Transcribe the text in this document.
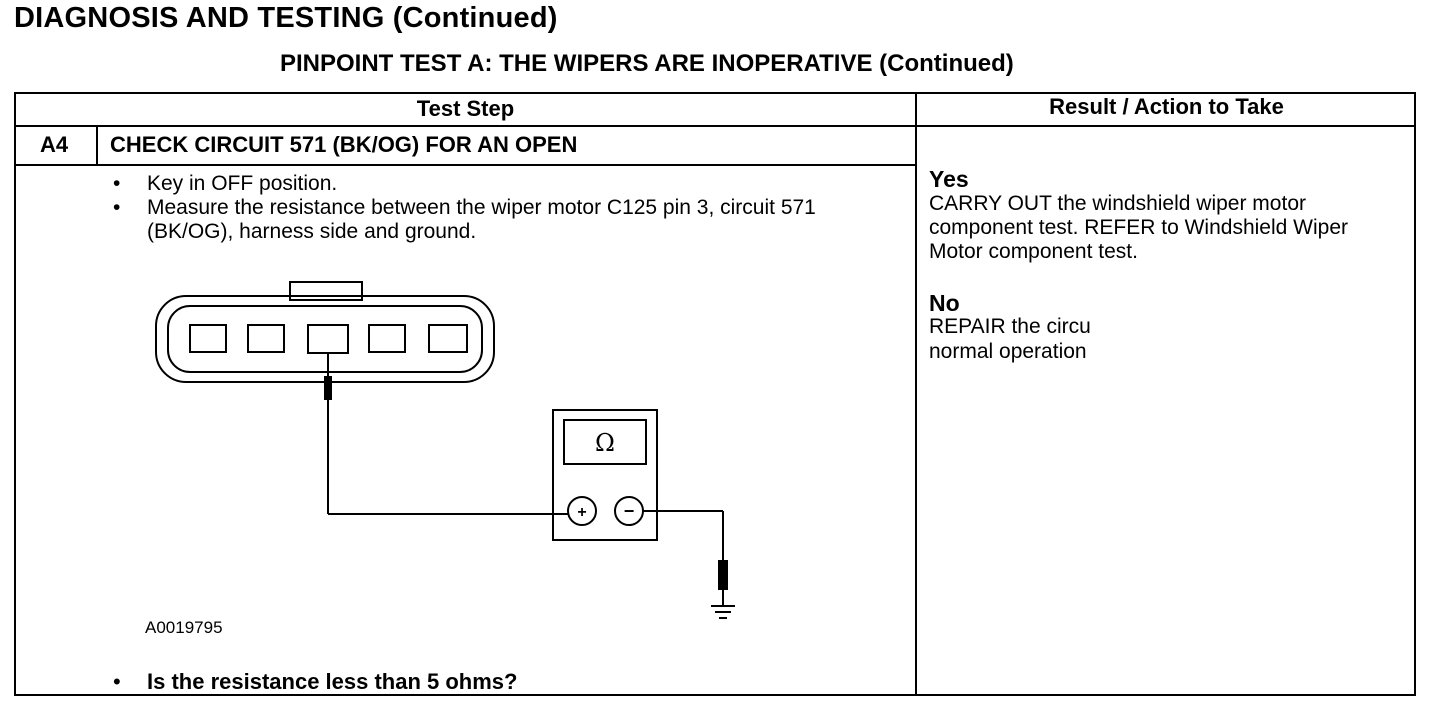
DIAGNOSIS AND TESTING (Continued)
PINPOINT TEST A: THE WIPERS ARE INOPERATIVE (Continued)
Test Step	Result / Action to Take
A4 CHECK CIRCUIT 571 (BK/OG) FOR AN OPEN
•	Key in OFF position.
•	Measure the resistance between the wiper motor C125 pin 3, circuit 571 (BK/OG), harness side and ground.
Ω
+ −
A0019795
•	Is the resistance less than 5 ohms?
Yes
CARRY OUT the windshield wiper motor component test. REFER to Windshield Wiper Motor component test.
No
REPAIR the circu
normal operation
